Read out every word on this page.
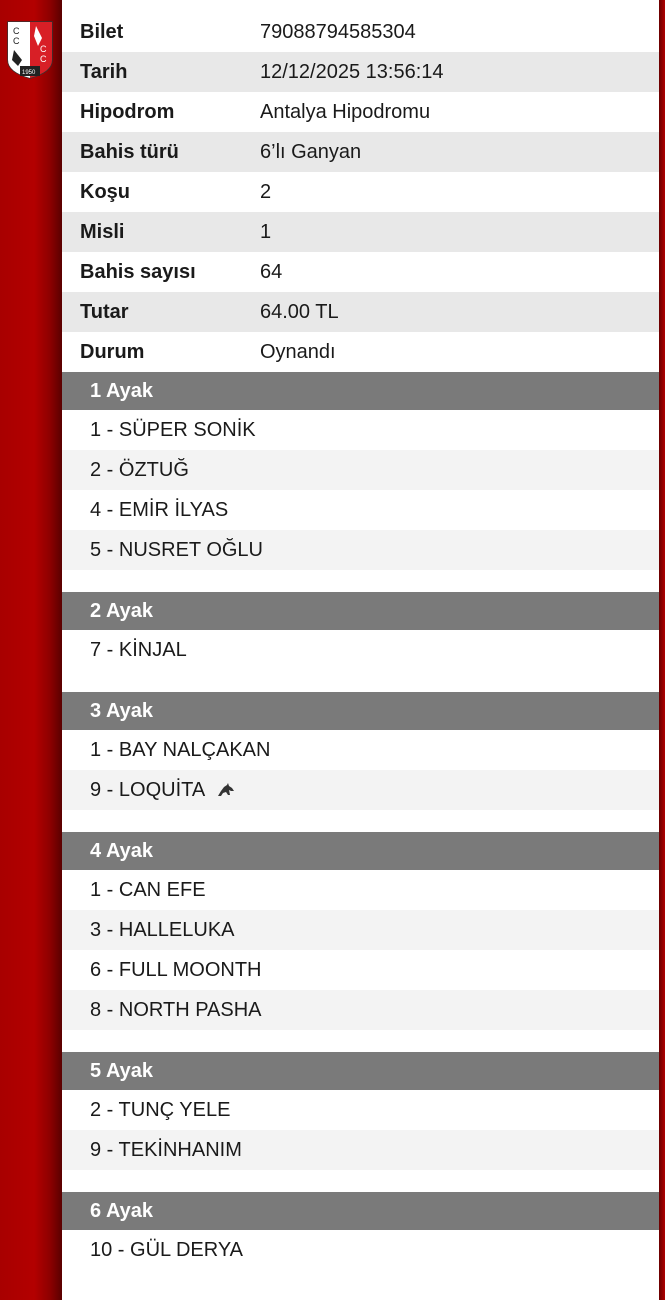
C
C
C
C
1950
Bilet	79088794585304
Tarih	12/12/2025 13:56:14
Hipodrom	Antalya Hipodromu
Bahis türü	6’lı Ganyan
Koşu	2
Misli	1
Bahis sayısı	64
Tutar	64.00 TL
Durum	Oynandı
1 Ayak
1 - SÜPER SONİK
2 - ÖZTUĞ
4 - EMİR İLYAS
5 - NUSRET OĞLU
2 Ayak
7 - KİNJAL
3 Ayak
1 - BAY NALÇAKAN
9 - LOQUİTA
4 Ayak
1 - CAN EFE
3 - HALLELUKA
6 - FULL MOONTH
8 - NORTH PASHA
5 Ayak
2 - TUNÇ YELE
9 - TEKİNHANIM
6 Ayak
10 - GÜL DERYA
